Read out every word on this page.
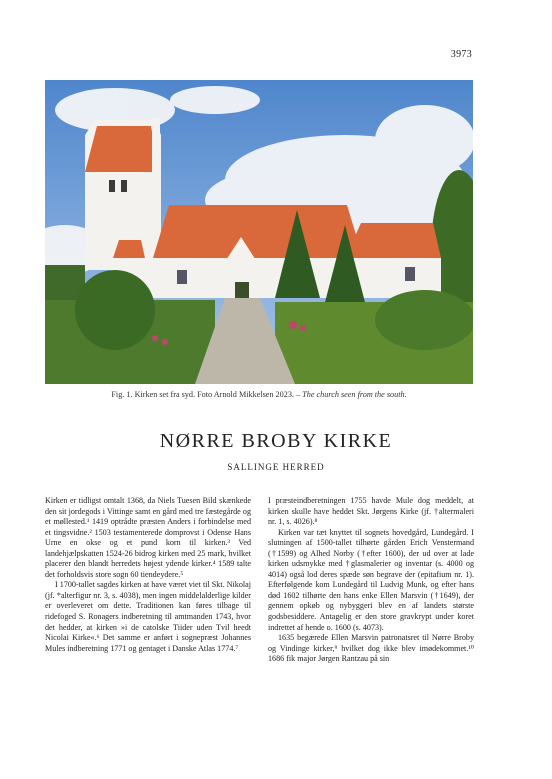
3973
Fig. 1. Kirken set fra syd. Foto Arnold Mikkelsen 2023. – The church seen from the south.
NØRRE BROBY KIRKE
SALLINGE HERRED

Kirken er tidligst omtalt 1368, da Niels Tuesen Bild skænkede den sit jordegods i Vittinge samt en gård med tre fæstegårde og et møllested.¹ 1419 optrådte præsten Anders i forbindelse med et tingsvidne.² 1503 testamenterede domprovst i Odense Hans Urne en okse og et pund korn til kirken.³ Ved landehjælpskatten 1524-26 bidrog kirken med 25 mark, hvilket placerer den blandt herredets højest ydende kirker.⁴ 1589 talte det forholdsvis store sogn 60 tiendeydere.⁵

I 1700-tallet sagdes kirken at have været viet til Skt. Nikolaj (jf. *alterfigur nr. 3, s. 4038), men ingen middelalderlige kilder er overleveret om dette. Traditionen kan føres tilbage til ridefoged S. Ronagers indberetning til amtmanden 1743, hvor det hedder, at kirken »i de catolske Tiider uden Tvil heedt Nicolai Kirke«.⁶ Det samme er anført i sognepræst Johannes Mules indberetning 1771 og gentaget i Danske Atlas 1774.⁷

I præsteindberetningen 1755 havde Mule dog meddelt, at kirken skulle have heddet Skt. Jørgens Kirke (jf. †altermaleri nr. 1, s. 4026).⁸

Kirken var tæt knyttet til sognets hovedgård, Lundegård. I slutningen af 1500-tallet tilhørte gården Erich Venstermand (†1599) og Alhed Norby (†efter 1600), der ud over at lade kirken udsmykke med †glasmalerier og inventar (s. 4000 og 4014) også lod deres spæde søn begrave der (epitafium nr. 1). Efterfølgende kom Lundegård til Ludvig Munk, og efter hans død 1602 tilhørte den hans enke Ellen Marsvin (†1649), der gennem opkøb og nybyggeri blev en af landets største godsbesiddere. Antagelig er den store gravkrypt under koret indrettet af hende o. 1600 (s. 4073).

1635 begærede Ellen Marsvin patronatsret til Nørre Broby og Vindinge kirker,⁹ hvilket dog ikke blev imødekommet.¹⁰ 1686 fik major Jørgen Rantzau på sin
